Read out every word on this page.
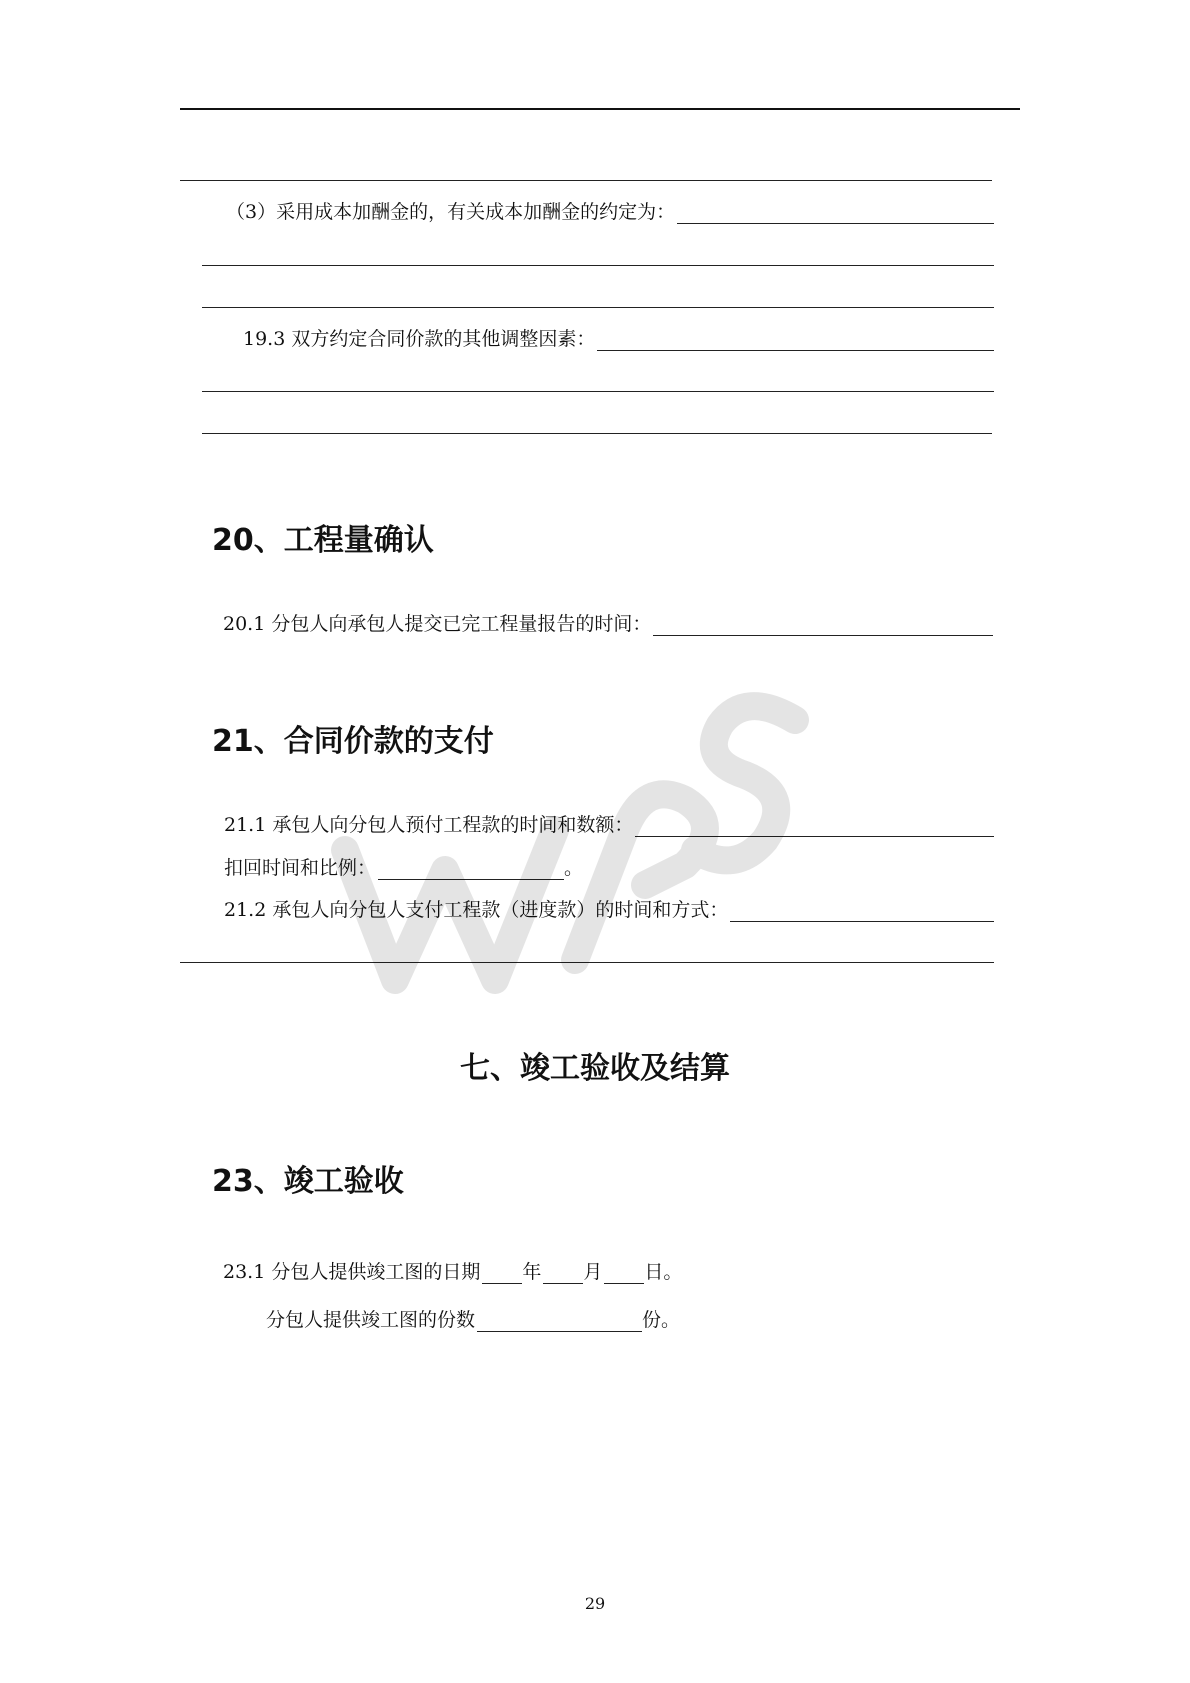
（3）采用成本加酬金的，有关成本加酬金的约定为：
19.3 双方约定合同价款的其他调整因素：
20、工程量确认
20.1 分包人向承包人提交已完工程量报告的时间：
21、合同价款的支付
21.1 承包人向分包人预付工程款的时间和数额：
扣回时间和比例：	。
21.2 承包人向分包人支付工程款（进度款）的时间和方式：
七、竣工验收及结算
23、竣工验收
23.1 分包人提供竣工图的日期 年 月 日。
分包人提供竣工图的份数	份。
29
